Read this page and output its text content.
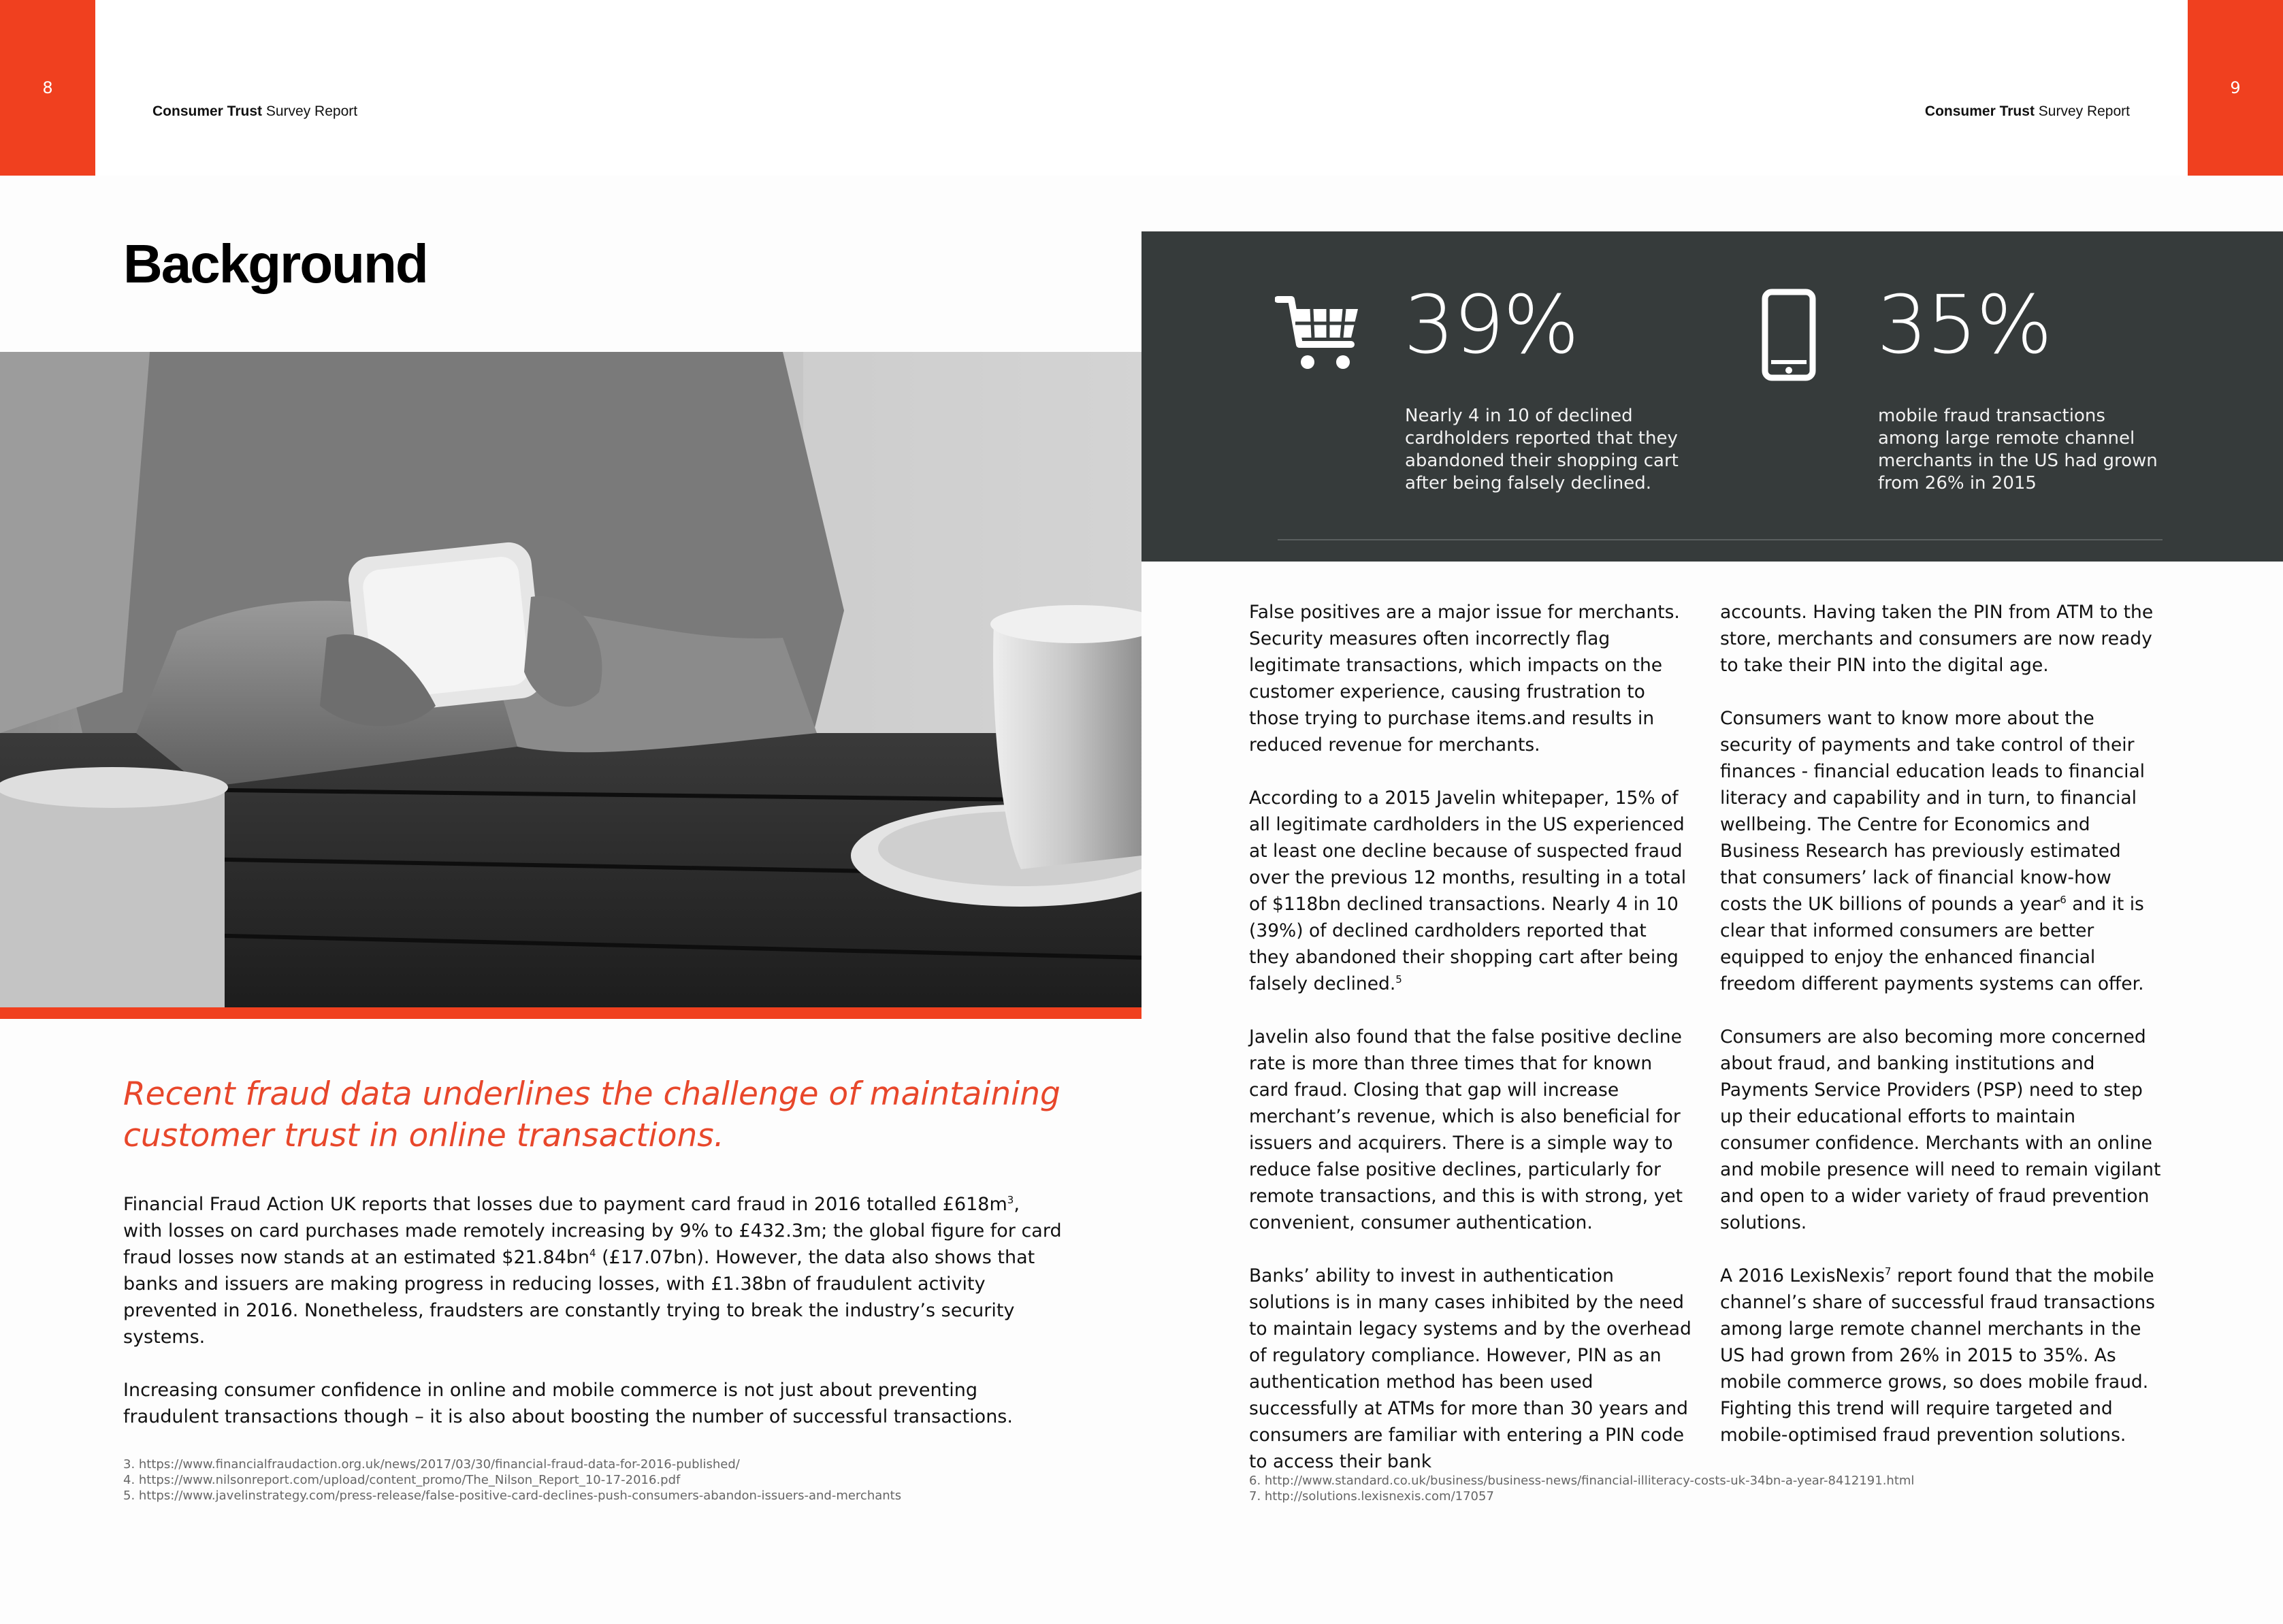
8
Consumer Trust Survey Report
Background
Recent fraud data underlines the challenge of maintaining
customer trust in online transactions.

Financial Fraud Action UK reports that losses due to payment card fraud in 2016 totalled $£618m^3$, with losses on card purchases made remotely increasing by 9% to £432.3m; the global figure for card fraud losses now stands at an estimated $\$21.84bn^4$ (£17.07bn). However, the data also shows that banks and issuers are making progress in reducing losses, with £1.38bn of fraudulent activity prevented in 2016. Nonetheless, fraudsters are constantly trying to break the industry’s security systems.

Increasing consumer confidence in online and mobile commerce is not just about preventing fraudulent transactions though – it is also about boosting the number of successful transactions.

3. https://www.financialfraudaction.org.uk/news/2017/03/30/financial-fraud-data-for-2016-published/
4. https://www.nilsonreport.com/upload/content_promo/The_Nilson_Report_10-17-2016.pdf
5. https://www.javelinstrategy.com/press-release/false-positive-card-declines-push-consumers-abandon-issuers-and-merchants
9
Consumer Trust Survey Report
39%
Nearly 4 in 10 of declined cardholders reported that they abandoned their shopping cart after being falsely declined.
35%
mobile fraud transactions among large remote channel merchants in the US had grown from 26% in 2015

False positives are a major issue for merchants. Security measures often incorrectly flag legitimate transactions, which impacts on the customer experience, causing frustration to those trying to purchase items.and results in reduced revenue for merchants.

According to a 2015 Javelin whitepaper, 15% of all legitimate cardholders in the US experienced at least one decline because of suspected fraud over the previous 12 months, resulting in a total of $118bn declined transactions. Nearly 4 in 10 (39%) of declined cardholders reported that they abandoned their shopping cart after being falsely declined.$^5$

Javelin also found that the false positive decline rate is more than three times that for known card fraud. Closing that gap will increase merchant’s revenue, which is also beneficial for issuers and acquirers. There is a simple way to reduce false positive declines, particularly for remote transactions, and this is with strong, yet convenient, consumer authentication.

Banks’ ability to invest in authentication solutions is in many cases inhibited by the need to maintain legacy systems and by the overhead of regulatory compliance. However, PIN as an authentication method has been used successfully at ATMs for more than 30 years and consumers are familiar with entering a PIN code to access their bank

accounts. Having taken the PIN from ATM to the store, merchants and consumers are now ready to take their PIN into the digital age.

Consumers want to know more about the security of payments and take control of their finances - financial education leads to financial literacy and capability and in turn, to financial wellbeing. The Centre for Economics and Business Research has previously estimated that consumers’ lack of financial know-how costs the UK billions of pounds a year$^6$ and it is clear that informed consumers are better equipped to enjoy the enhanced financial freedom different payments systems can offer.

Consumers are also becoming more concerned about fraud, and banking institutions and Payments Service Providers (PSP) need to step up their educational efforts to maintain consumer confidence. Merchants with an online and mobile presence will need to remain vigilant and open to a wider variety of fraud prevention solutions.

A 2016 LexisNexis$^7$ report found that the mobile channel’s share of successful fraud transactions among large remote channel merchants in the US had grown from 26% in 2015 to 35%. As mobile commerce grows, so does mobile fraud. Fighting this trend will require targeted and mobile-optimised fraud prevention solutions.

6. http://www.standard.co.uk/business/business-news/financial-illiteracy-costs-uk-34bn-a-year-8412191.html
7. http://solutions.lexisnexis.com/17057
